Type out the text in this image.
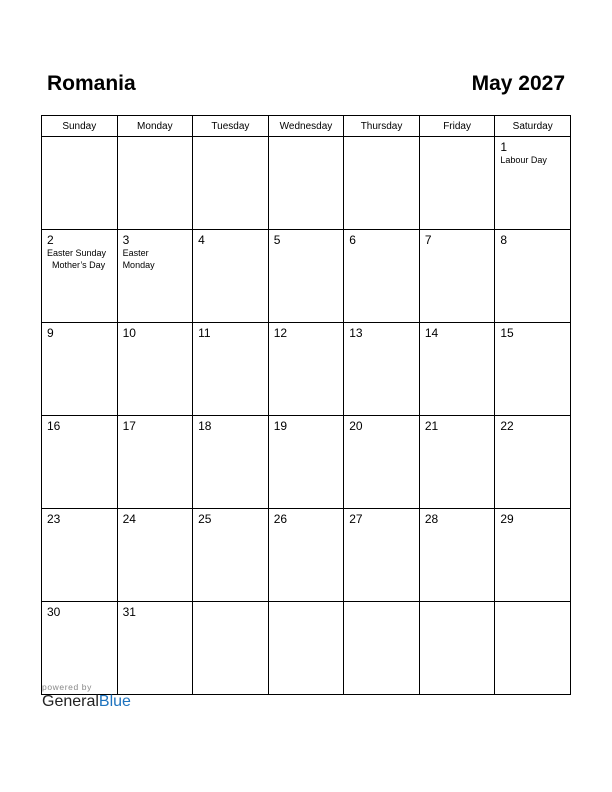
Romania	May 2027
Sunday	Monday	Tuesday	Wednesday	Thursday	Friday	Saturday

						1
Labour Day

2
Easter Sunday
Mother’s Day	3
Easter
Monday	4	5	6	7	8

9	10	11	12	13	14	15

16	17	18	19	20	21	22

23	24	25	26	27	28	29

30	31					

powered by
GeneralBlue
